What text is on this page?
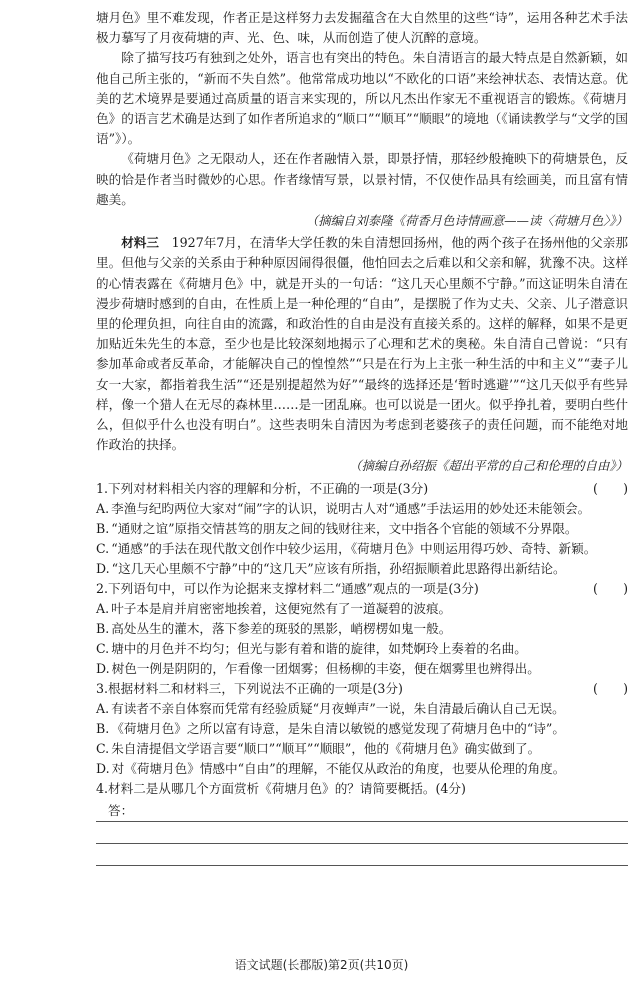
塘月色》里不难发现，作者正是这样努力去发掘蕴含在大自然里的这些“诗”，运用各种艺术手法极力摹写了月夜荷塘的声、光、色、味，从而创造了使人沉醉的意境。

除了描写技巧有独到之处外，语言也有突出的特色。朱自清语言的最大特点是自然新颖，如他自己所主张的，“新而不失自然”。他常常成功地以“不欧化的口语”来绘神状态、表情达意。优美的艺术境界是要通过高质量的语言来实现的，所以凡杰出作家无不重视语言的锻炼。《荷塘月色》的语言艺术确是达到了如作者所追求的“顺口”“顺耳”“顺眼”的境地（《诵读教学与“文学的国语”》）。

《荷塘月色》之无限动人，还在作者融情入景，即景抒情，那轻纱般掩映下的荷塘景色，反映的恰是作者当时微妙的心思。作者缘情写景，以景衬情，不仅使作品具有绘画美，而且富有情趣美。

（摘编自刘泰隆《荷香月色诗情画意——读〈荷塘月色〉》）

材料三　 1927年7月，在清华大学任教的朱自清想回扬州，他的两个孩子在扬州他的父亲那里。但他与父亲的关系由于种种原因闹得很僵，他怕回去之后难以和父亲和解，犹豫不决。这样的心情表露在《荷塘月色》中，就是开头的一句话：“这几天心里颇不宁静。”而这证明朱自清在漫步荷塘时感到的自由，在性质上是一种伦理的“自由”，是摆脱了作为丈夫、父亲、儿子潜意识里的伦理负担，向往自由的流露，和政治性的自由是没有直接关系的。这样的解释，如果不是更加贴近朱先生的本意，至少也是比较深刻地揭示了心理和艺术的奥秘。朱自清自己曾说：“只有参加革命或者反革命，才能解决自己的惶惶然”“只是在行为上主张一种生活的中和主义”“妻子儿女一大家，都指着我生活”“还是别提超然为好”“最终的选择还是‘暂时逃避’”“这几天似乎有些异样，像一个猎人在无尽的森林里……是一团乱麻。也可以说是一团火。似乎挣扎着，要明白些什么，但似乎什么也没有明白”。这些表明朱自清因为考虑到老婆孩子的责任问题，而不能绝对地作政治的抉择。

（摘编自孙绍振《超出平常的自己和伦理的自由》）
1.下列对材料相关内容的理解和分析，不正确的一项是(3分)	(　　)
A. 李渔与纪昀两位大家对“闹”字的认识，说明古人对“通感”手法运用的妙处还未能领会。
B. “通财之谊”原指交情甚笃的朋友之间的钱财往来，文中指各个官能的领域不分界限。
C. “通感”的手法在现代散文创作中较少运用，《荷塘月色》中则运用得巧妙、奇特、新颖。
D. “这几天心里颇不宁静”中的“这几天”应该有所指，孙绍振顺着此思路得出新结论。
2.下列语句中，可以作为论据来支撑材料二“通感”观点的一项是(3分)	(　　)
A. 叶子本是肩并肩密密地挨着，这便宛然有了一道凝碧的波痕。
B. 高处丛生的灌木，落下参差的斑驳的黑影，峭楞楞如鬼一般。
C. 塘中的月色并不均匀；但光与影有着和谐的旋律，如梵婀玲上奏着的名曲。
D. 树色一例是阴阴的，乍看像一团烟雾；但杨柳的丰姿，便在烟雾里也辨得出。
3.根据材料二和材料三，下列说法不正确的一项是(3分)	(　　)
A. 有读者不亲自体察而凭常有经验质疑“月夜蝉声”一说，朱自清最后确认自己无误。
B. 《荷塘月色》之所以富有诗意，是朱自清以敏锐的感觉发现了荷塘月色中的“诗”。
C. 朱自清提倡文学语言要“顺口”“顺耳”“顺眼”，他的《荷塘月色》确实做到了。
D. 对《荷塘月色》情感中“自由”的理解，不能仅从政治的角度，也要从伦理的角度。
4.材料二是从哪几个方面赏析《荷塘月色》的？请简要概括。(4分)
答：
语文试题(长郡版)第2页(共10页)
